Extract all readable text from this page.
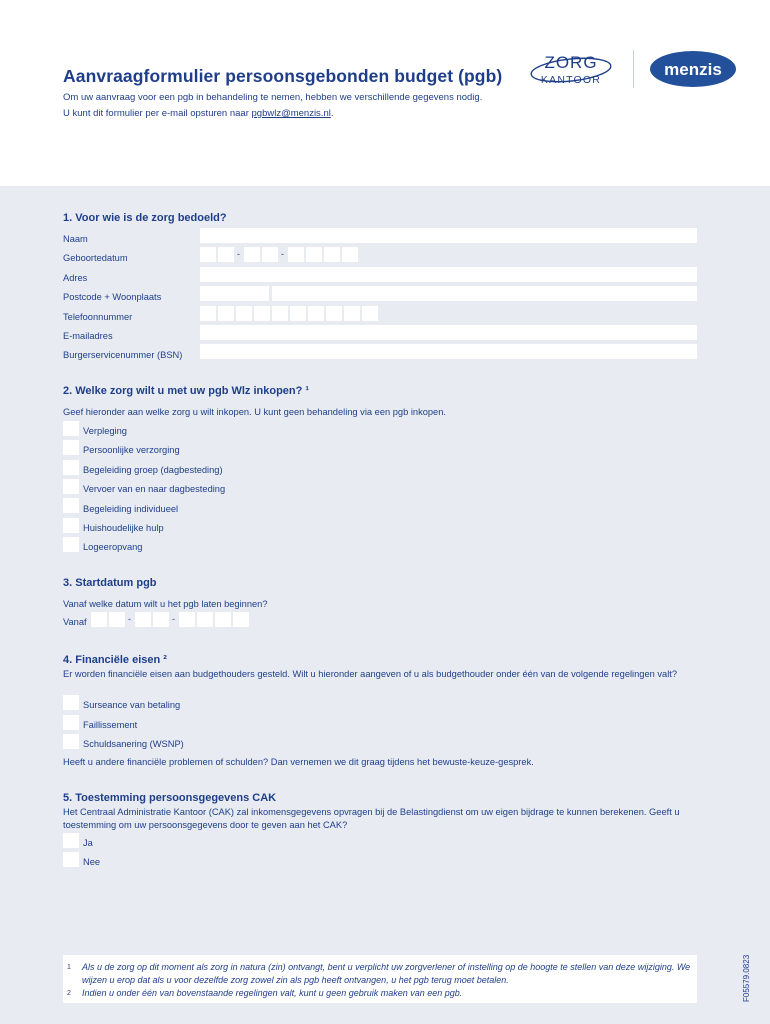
Aanvraagformulier persoonsgebonden budget (pgb)
Om uw aanvraag voor een pgb in behandeling te nemen, hebben we verschillende gegevens nodig.
U kunt dit formulier per e-mail opsturen naar pgbwlz@menzis.nl.
ZORG
KANTOOR
menzis
1. Voor wie is de zorg bedoeld?
Naam
Geboortedatum	-	-
Adres
Postcode + Woonplaats
Telefoonnummer
E-mailadres
Burgerservicenummer (BSN)
2. Welke zorg wilt u met uw pgb Wlz inkopen? ¹
Geef hieronder aan welke zorg u wilt inkopen. U kunt geen behandeling via een pgb inkopen.
Verpleging
Persoonlijke verzorging
Begeleiding groep (dagbesteding)
Vervoer van en naar dagbesteding
Begeleiding individueel
Huishoudelijke hulp
Logeeropvang
3. Startdatum pgb
Vanaf welke datum wilt u het pgb laten beginnen?
Vanaf	-	-
4. Financiële eisen ²
Er worden financiële eisen aan budgethouders gesteld. Wilt u hieronder aangeven of u als budgethouder onder één van de volgende regelingen valt?
Surseance van betaling
Faillissement
Schuldsanering (WSNP)
Heeft u andere financiële problemen of schulden? Dan vernemen we dit graag tijdens het bewuste-keuze-gesprek.
5. Toestemming persoonsgegevens CAK
Het Centraal Administratie Kantoor (CAK) zal inkomensgegevens opvragen bij de Belastingdienst om uw eigen bijdrage te kunnen berekenen. Geeft u toestemming om uw persoonsgegevens door te geven aan het CAK?
Ja
Nee
1	Als u de zorg op dit moment als zorg in natura (zin) ontvangt, bent u verplicht uw zorgverlener of instelling op de hoogte te stellen van deze wijziging. We wijzen u erop dat als u voor dezelfde zorg zowel zin als pgb heeft ontvangen, u het pgb terug moet betalen.
2	Indien u onder één van bovenstaande regelingen valt, kunt u geen gebruik maken van een pgb.	F05579.0823
